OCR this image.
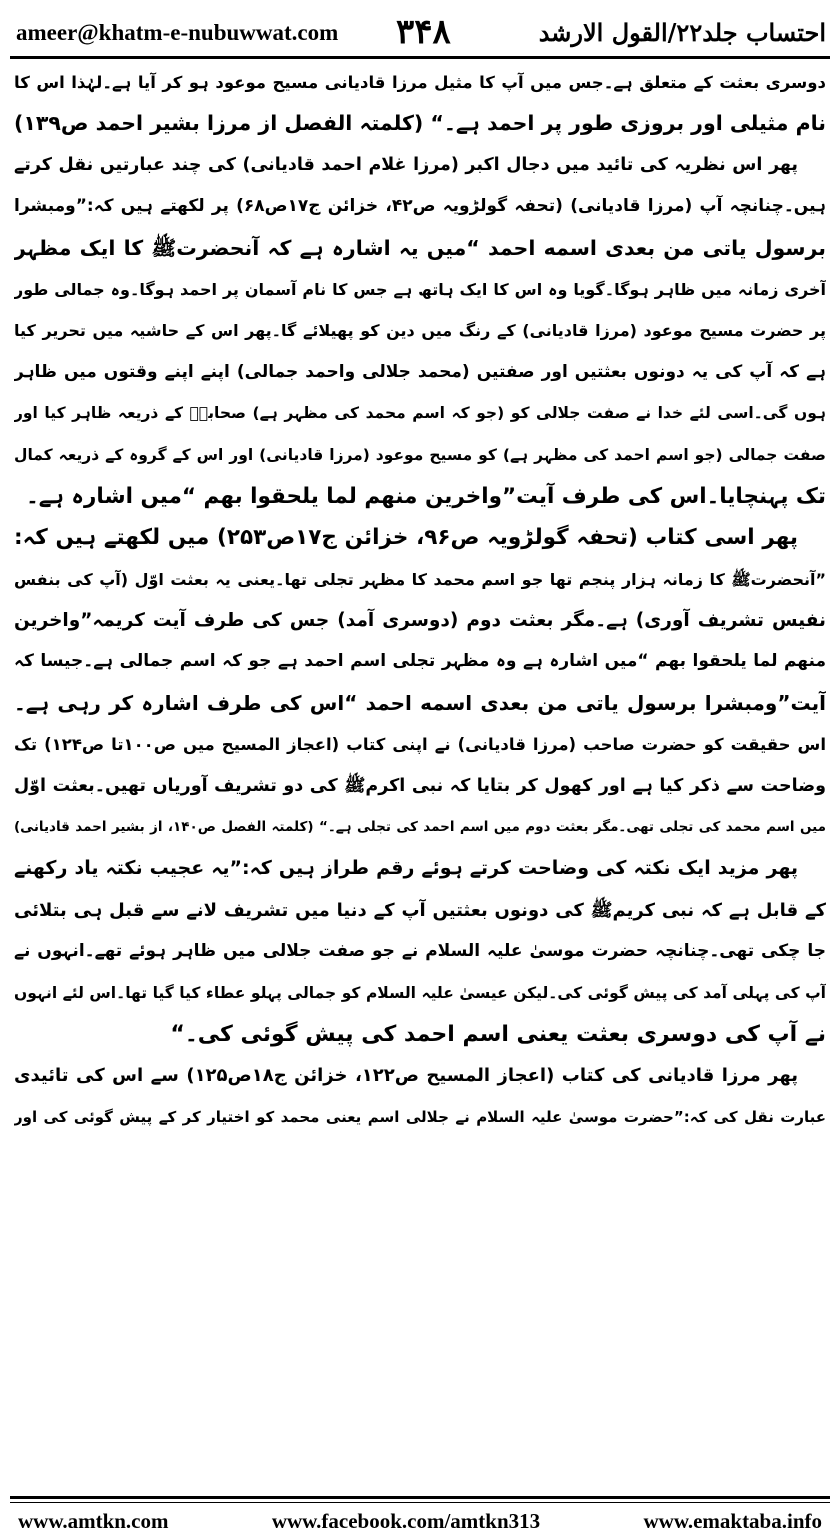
ameer@khatm-e-nubuwwat.com ۳۴۸	احتساب جلد۲۲/القول الارشد
دوسری بعثت کے متعلق ہے۔جس میں آپ کا مثیل مرزا قادیانی مسیح موعود ہو کر آیا ہے۔لہٰذا اس کا
نام مثیلی اور بروزی طور پر احمد ہے۔“ (کلمتہ الفصل از مرزا بشیر احمد ص۱۳۹)
پھر اس نظریہ کی تائید میں دجال اکبر (مرزا غلام احمد قادیانی) کی چند عبارتیں نقل کرتے
ہیں۔چنانچہ آپ (مرزا قادیانی) (تحفہ گولڑویہ ص۴۲، خزائن ج۱۷ص۶۸) پر لکھتے ہیں کہ:”ومبشرا
برسول یاتی من بعدی اسمه احمد “میں یہ اشارہ ہے کہ آنحضرتﷺ کا ایک مظہر
آخری زمانہ میں ظاہر ہوگا۔گویا وہ اس کا ایک ہاتھ ہے جس کا نام آسمان پر احمد ہوگا۔وہ جمالی طور
پر حضرت مسیح موعود (مرزا قادیانی) کے رنگ میں دین کو پھیلائے گا۔پھر اس کے حاشیہ میں تحریر کیا
ہے کہ آپ کی یہ دونوں بعثتیں اور صفتیں (محمد جلالی واحمد جمالی) اپنے اپنے وقتوں میں ظاہر
ہوں گی۔اسی لئے خدا نے صفت جلالی کو (جو کہ اسم محمد کی مظہر ہے) صحابہؓ کے ذریعہ ظاہر کیا اور
صفت جمالی (جو اسم احمد کی مظہر ہے) کو مسیح موعود (مرزا قادیانی) اور اس کے گروہ کے ذریعہ کمال
تک پہنچایا۔اس کی طرف آیت”واخرین منهم لما یلحقوا بهم “میں اشارہ ہے۔
پھر اسی کتاب (تحفہ گولڑویہ ص۹۶، خزائن ج۱۷ص۲۵۳) میں لکھتے ہیں کہ:
”آنحضرتﷺ کا زمانہ ہزار پنجم تھا جو اسم محمد کا مظہر تجلی تھا۔یعنی یہ بعثت اوّل (آپ کی بنفس
نفیس تشریف آوری) ہے۔مگر بعثت دوم (دوسری آمد) جس کی طرف آیت کریمہ”واخرین
منهم لما یلحقوا بهم “میں اشارہ ہے وہ مظہر تجلی اسم احمد ہے جو کہ اسم جمالی ہے۔جیسا کہ
آیت”ومبشرا برسول یاتی من بعدی اسمه احمد “اس کی طرف اشارہ کر رہی ہے۔
اس حقیقت کو حضرت صاحب (مرزا قادیانی) نے اپنی کتاب (اعجاز المسیح میں ص۱۰۰تا ص۱۲۴) تک
وضاحت سے ذکر کیا ہے اور کھول کر بتایا کہ نبی اکرمﷺ کی دو تشریف آوریاں تھیں۔بعثت اوّل
میں اسم محمد کی تجلی تھی۔مگر بعثت دوم میں اسم احمد کی تجلی ہے۔“ (کلمتہ الفصل ص۱۴۰، از بشیر احمد قادیانی)
پھر مزید ایک نکتہ کی وضاحت کرتے ہوئے رقم طراز ہیں کہ:”یہ عجیب نکتہ یاد رکھنے
کے قابل ہے کہ نبی کریمﷺ کی دونوں بعثتیں آپ کے دنیا میں تشریف لانے سے قبل ہی بتلائی
جا چکی تھی۔چنانچہ حضرت موسیٰ علیہ السلام نے جو صفت جلالی میں ظاہر ہوئے تھے۔انہوں نے
آپ کی پہلی آمد کی پیش گوئی کی۔لیکن عیسیٰ علیہ السلام کو جمالی پہلو عطاء کیا گیا تھا۔اس لئے انہوں
نے آپ کی دوسری بعثت یعنی اسم احمد کی پیش گوئی کی۔“
پھر مرزا قادیانی کی کتاب (اعجاز المسیح ص۱۲۲، خزائن ج۱۸ص۱۲۵) سے اس کی تائیدی
عبارت نقل کی کہ:”حضرت موسیٰ علیہ السلام نے جلالی اسم یعنی محمد کو اختیار کر کے پیش گوئی کی اور
www.amtkn.com	www.facebook.com/amtkn313	www.emaktaba.info
